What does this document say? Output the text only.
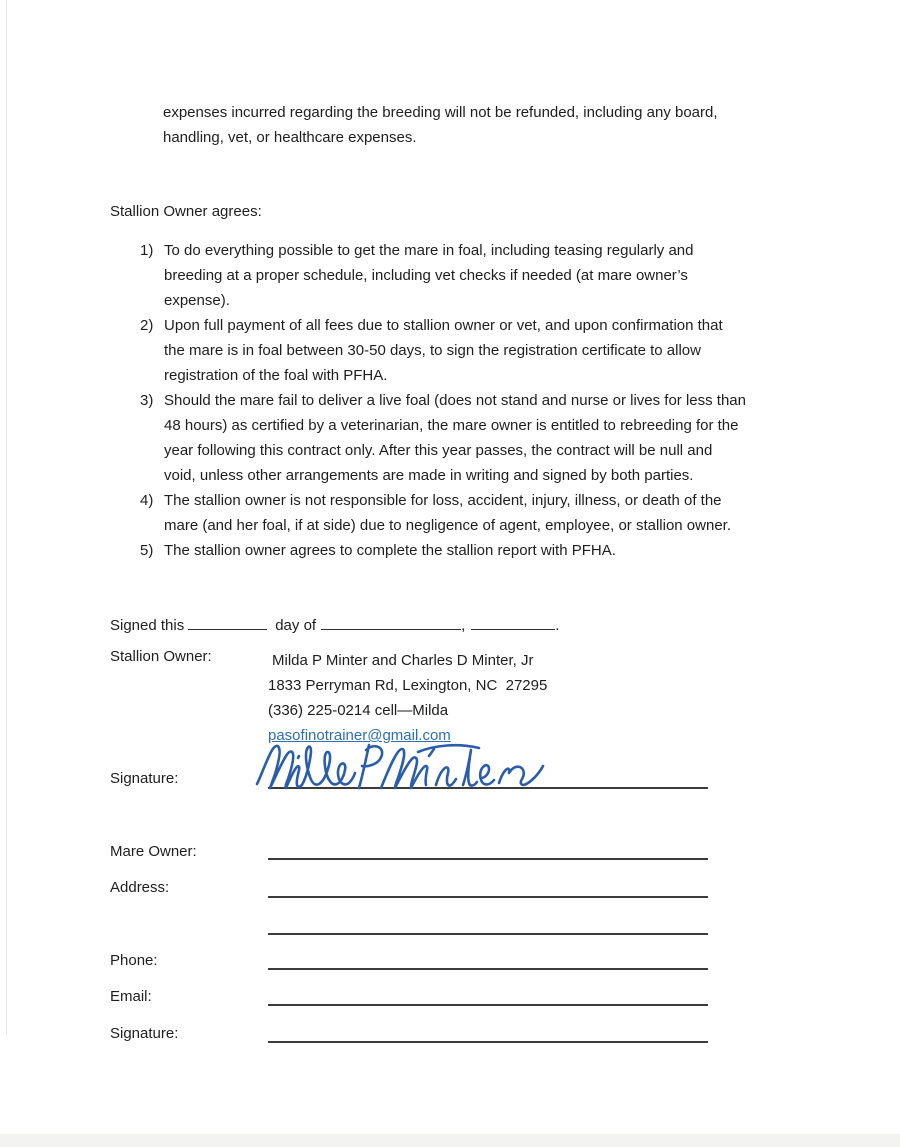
expenses incurred regarding the breeding will not be refunded, including any board,
handling, vet, or healthcare expenses.
Stallion Owner agrees:
1) To do everything possible to get the mare in foal, including teasing regularly and
breeding at a proper schedule, including vet checks if needed (at mare owner’s
expense).
2) Upon full payment of all fees due to stallion owner or vet, and upon confirmation that
the mare is in foal between 30-50 days, to sign the registration certificate to allow
registration of the foal with PFHA.
3) Should the mare fail to deliver a live foal (does not stand and nurse or lives for less than
48 hours) as certified by a veterinarian, the mare owner is entitled to rebreeding for the
year following this contract only. After this year passes, the contract will be null and
void, unless other arrangements are made in writing and signed by both parties.
4) The stallion owner is not responsible for loss, accident, injury, illness, or death of the
mare (and her foal, if at side) due to negligence of agent, employee, or stallion owner.
5) The stallion owner agrees to complete the stallion report with PFHA.
Signed this	day of	,	.
Stallion Owner:	Milda P Minter and Charles D Minter, Jr
1833 Perryman Rd, Lexington, NC  27295
(336) 225-0214 cell—Milda
pasofinotrainer@gmail.com
Signature:
Mare Owner:
Address:
Phone:
Email:
Signature:
